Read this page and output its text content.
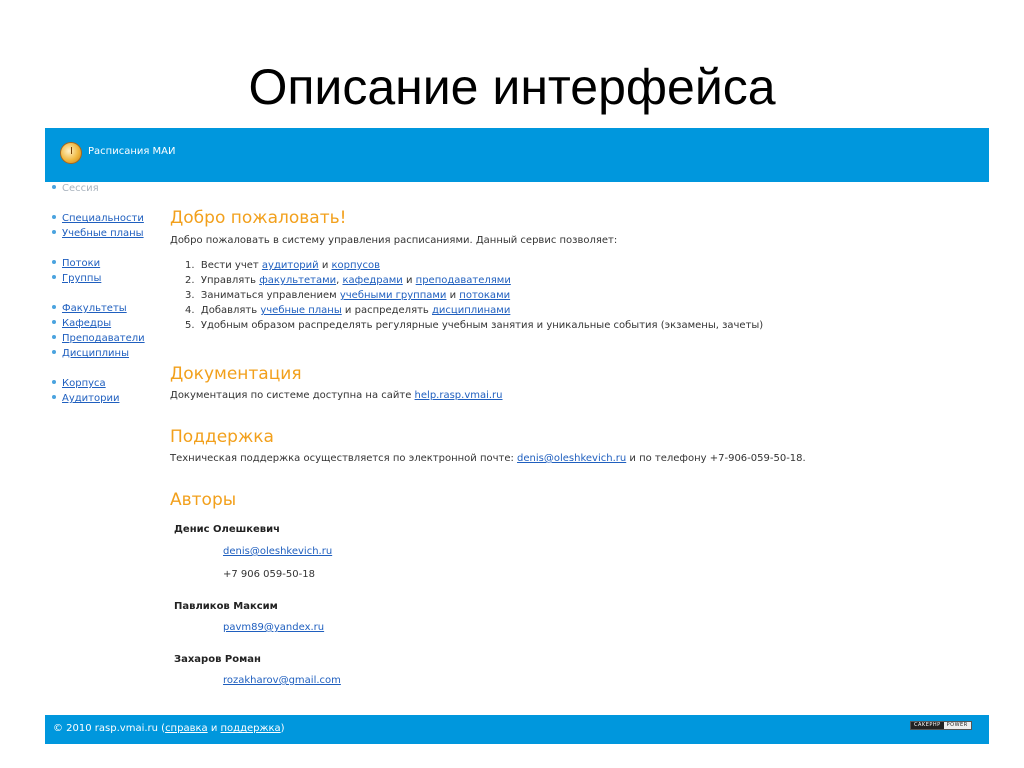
Описание интерфейса
Расписания МАИ
Сессия
Специальности
Учебные планы
Потоки
Группы
Факультеты
Кафедры
Преподаватели
Дисциплины
Корпуса
Аудитории
Добро пожаловать!
Добро пожаловать в систему управления расписаниями. Данный сервис позволяет:
1. Вести учет аудиторий и корпусов
2. Управлять факультетами, кафедрами и преподавателями
3. Заниматься управлением учебными группами и потоками
4. Добавлять учебные планы и распределять дисциплинами
5. Удобным образом распределять регулярные учебным занятия и уникальные события (экзамены, зачеты)
Документация
Документация по системе доступна на сайте help.rasp.vmai.ru
Поддержка
Техническая поддержка осуществляется по электронной почте: denis@oleshkevich.ru и по телефону +7-906-059-50-18.
Авторы
Денис Олешкевич
denis@oleshkevich.ru
+7 906 059-50-18
Павликов Максим
pavm89@yandex.ru
Захаров Роман
rozakharov@gmail.com
© 2010 rasp.vmai.ru (справка и поддержка)	CAKEPHP	POWER
